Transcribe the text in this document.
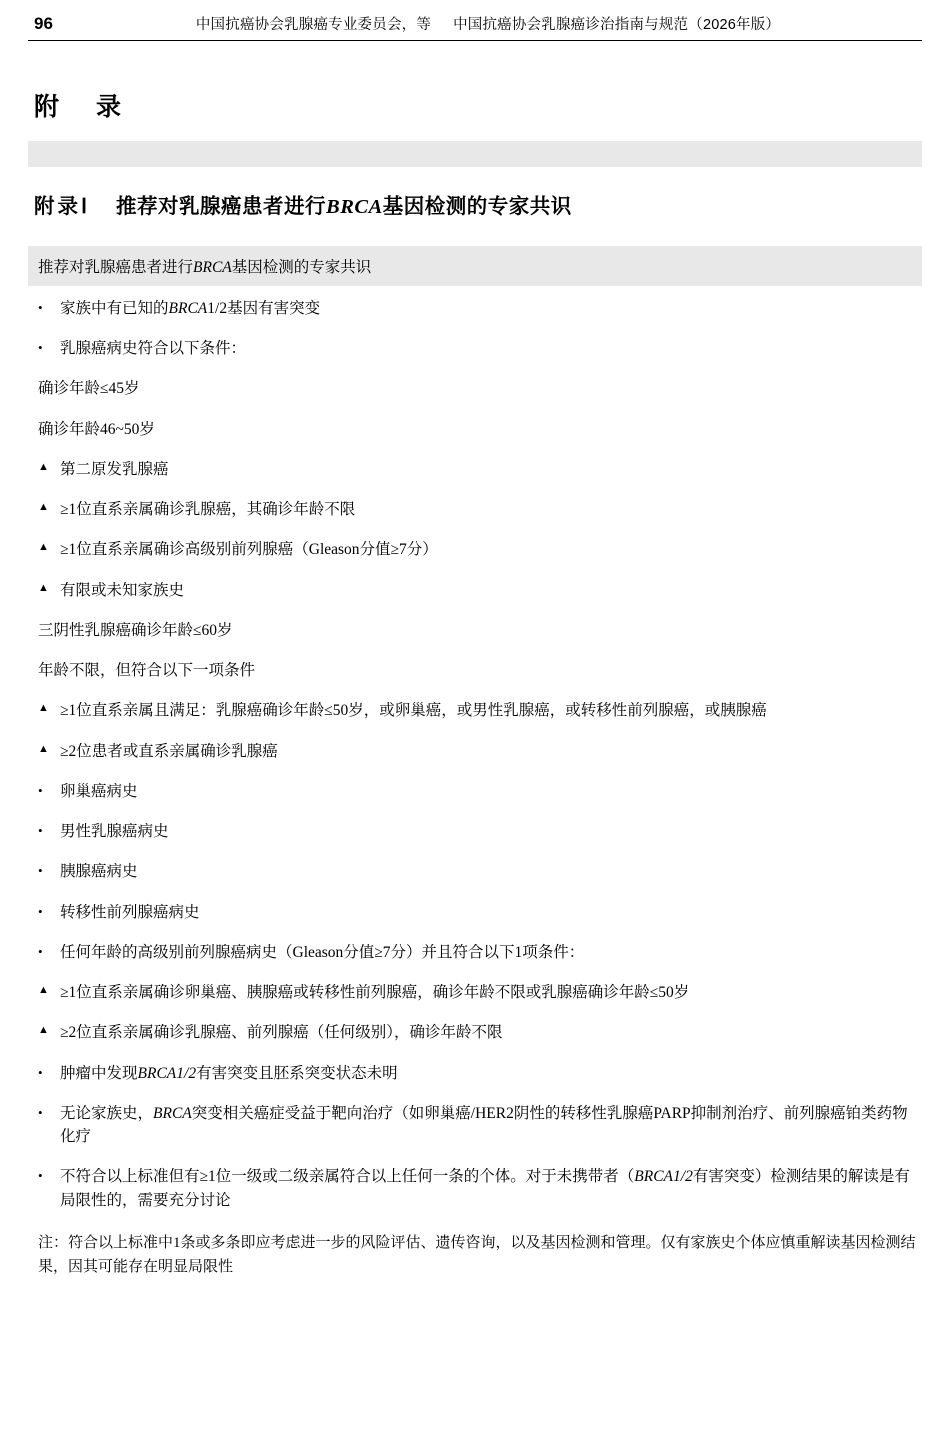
96	中国抗癌协会乳腺癌专业委员会，等 中国抗癌协会乳腺癌诊治指南与规范（2026年版）
附　录
附录Ⅰ 推荐对乳腺癌患者进行BRCA基因检测的专家共识
推荐对乳腺癌患者进行BRCA基因检测的专家共识
•	家族中有已知的BRCA1/2基因有害突变
•	乳腺癌病史符合以下条件：
确诊年龄≤45岁
确诊年龄46~50岁
▲ 第二原发乳腺癌
▲ ≥1位直系亲属确诊乳腺癌，其确诊年龄不限
▲ ≥1位直系亲属确诊高级别前列腺癌（Gleason分值≥7分）
▲ 有限或未知家族史
三阴性乳腺癌确诊年龄≤60岁
年龄不限，但符合以下一项条件
▲ ≥1位直系亲属且满足：乳腺癌确诊年龄≤50岁，或卵巢癌，或男性乳腺癌，或转移性前列腺癌，或胰腺癌
▲ ≥2位患者或直系亲属确诊乳腺癌
•	卵巢癌病史
•	男性乳腺癌病史
•	胰腺癌病史
•	转移性前列腺癌病史
•	任何年龄的高级别前列腺癌病史（Gleason分值≥7分）并且符合以下1项条件：
▲ ≥1位直系亲属确诊卵巢癌、胰腺癌或转移性前列腺癌，确诊年龄不限或乳腺癌确诊年龄≤50岁
▲ ≥2位直系亲属确诊乳腺癌、前列腺癌（任何级别），确诊年龄不限
•	肿瘤中发现BRCA1/2有害突变且胚系突变状态未明
•	无论家族史，BRCA突变相关癌症受益于靶向治疗（如卵巢癌/HER2阴性的转移性乳腺癌PARP抑制剂治疗、前列腺癌铂类药物化疗
•	不符合以上标准但有≥1位一级或二级亲属符合以上任何一条的个体。对于未携带者（BRCA1/2有害突变）检测结果的解读是有局限性的，需要充分讨论
注：符合以上标准中1条或多条即应考虑进一步的风险评估、遗传咨询，以及基因检测和管理。仅有家族史个体应慎重解读基因检测结果，因其可能存在明显局限性
